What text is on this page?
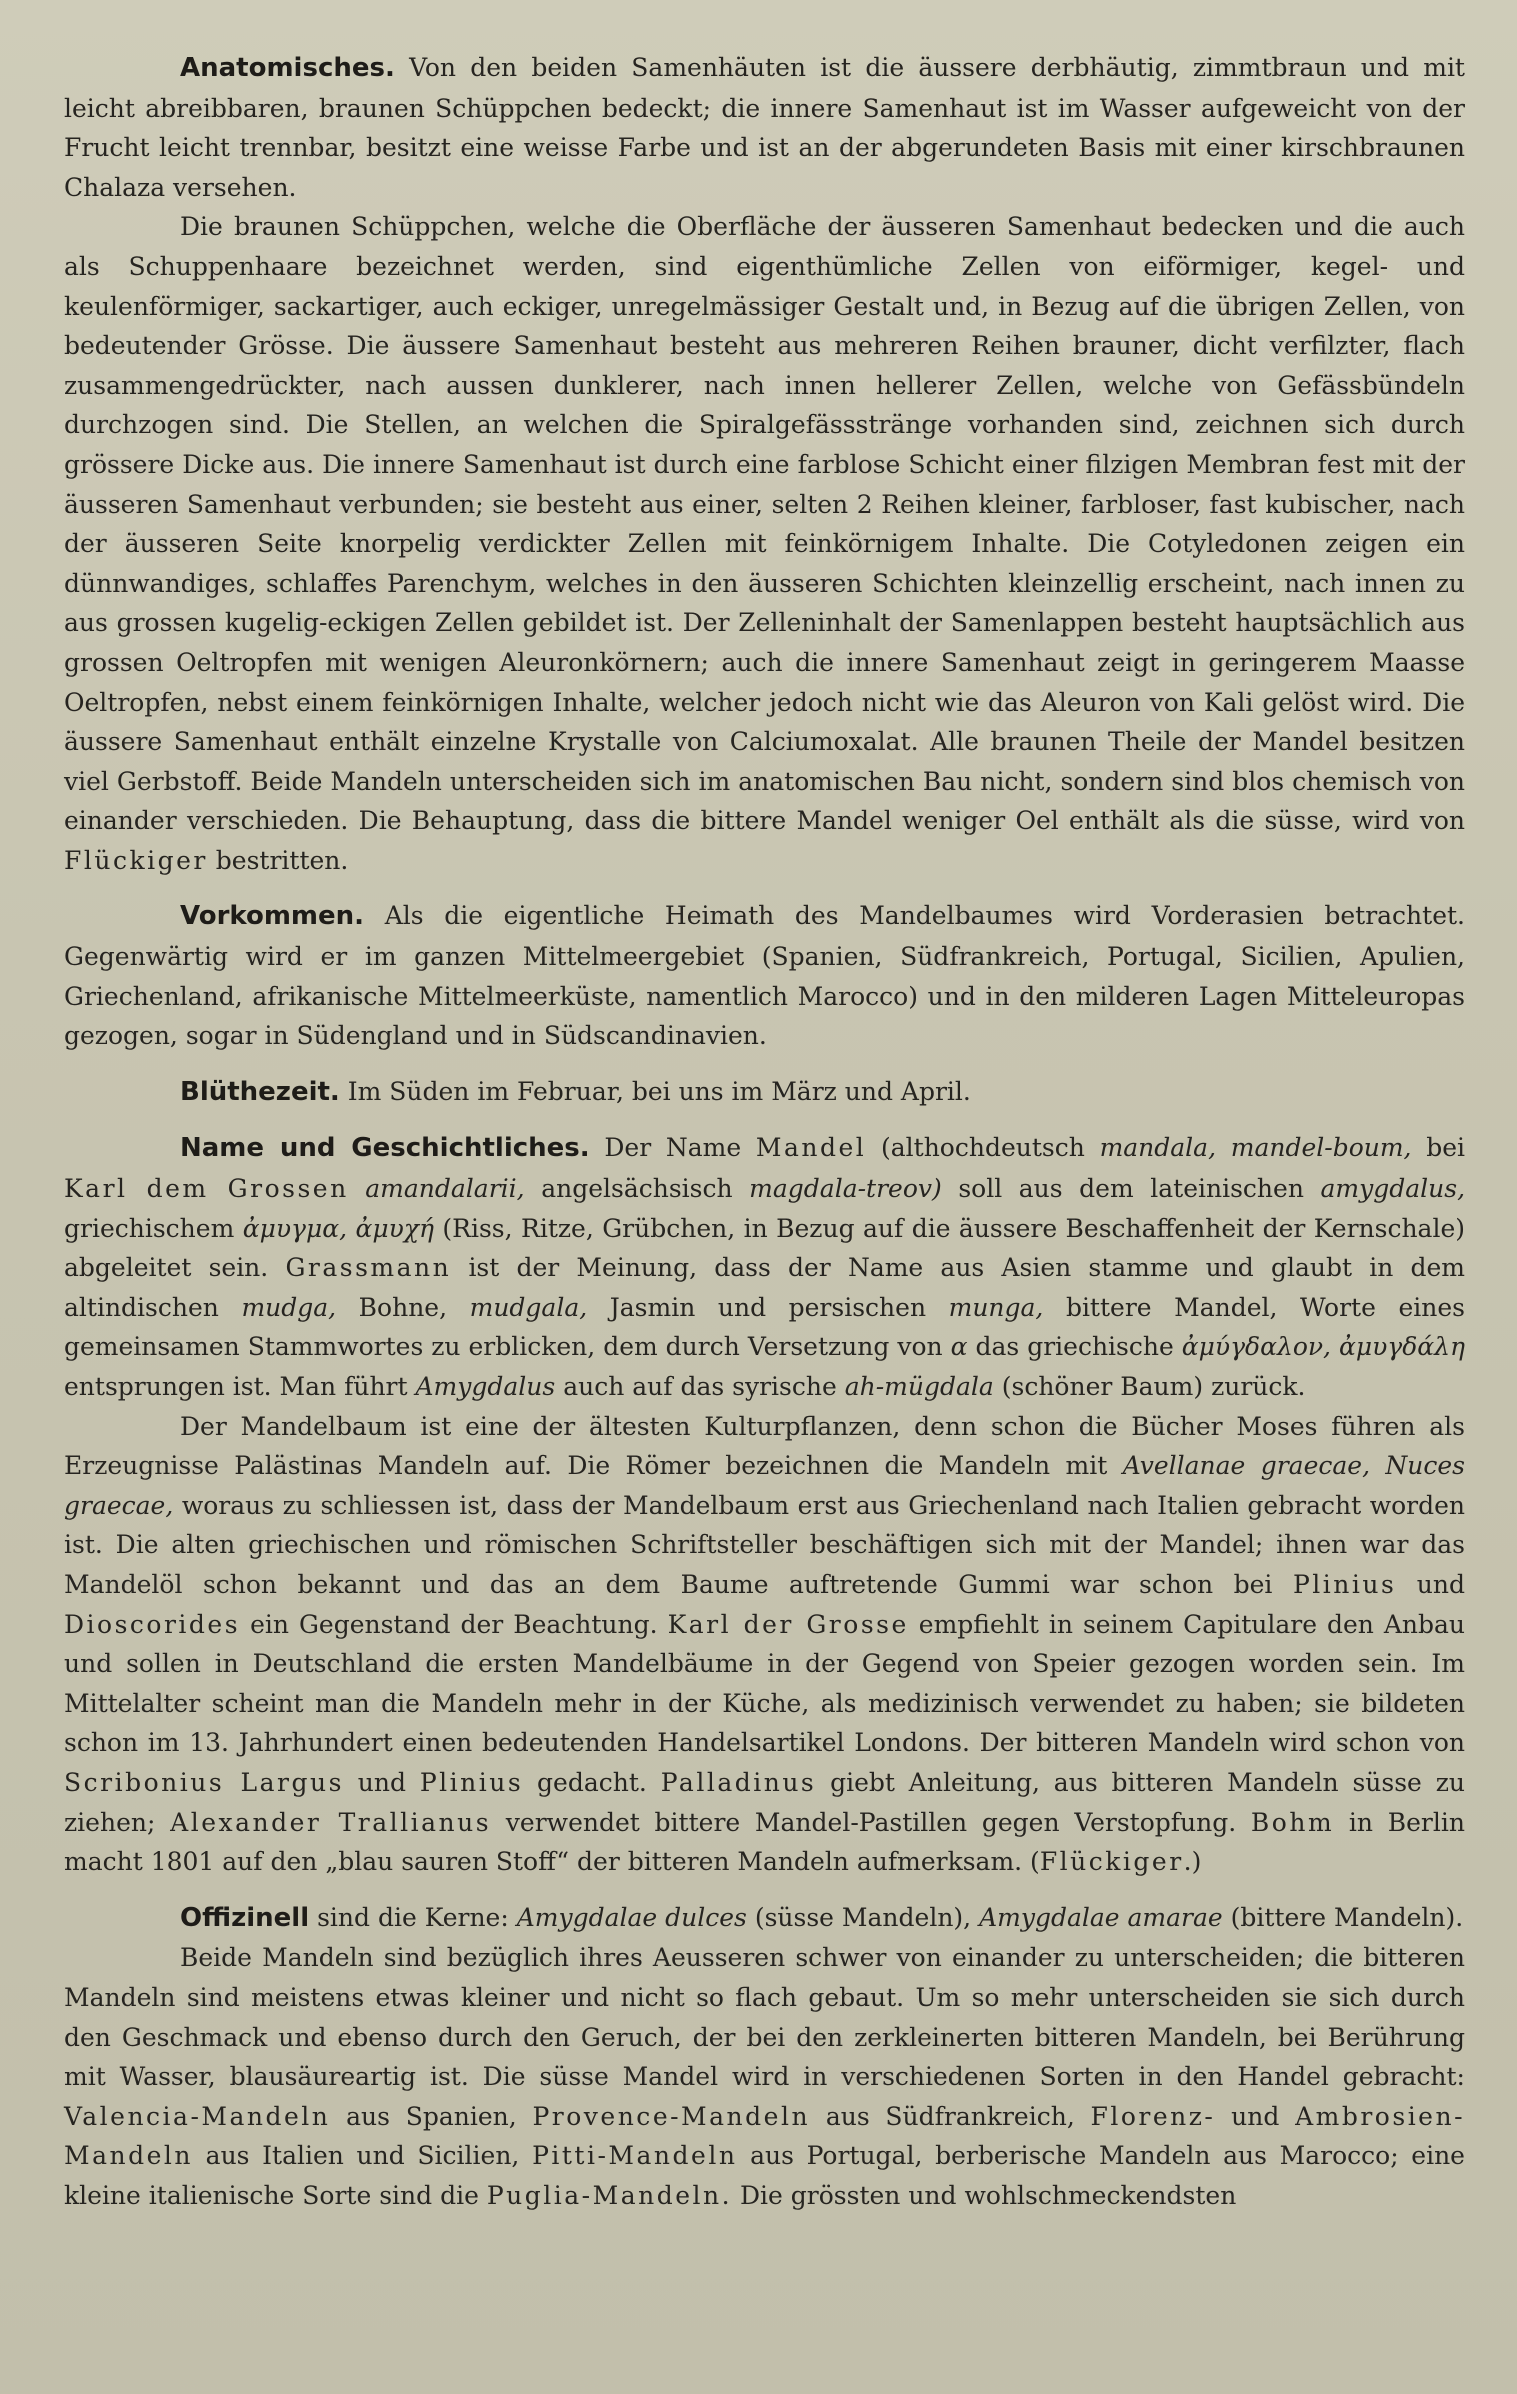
Anatomisches. Von den beiden Samenhäuten ist die äussere derbhäutig, zimmtbraun und mit leicht abreibbaren, braunen Schüppchen bedeckt; die innere Samenhaut ist im Wasser aufgeweicht von der Frucht leicht trennbar, besitzt eine weisse Farbe und ist an der abgerundeten Basis mit einer kirschbraunen Chalaza versehen.

Die braunen Schüppchen, welche die Oberfläche der äusseren Samenhaut bedecken und die auch als Schuppenhaare bezeichnet werden, sind eigenthümliche Zellen von eiförmiger, kegel- und keulenförmiger, sackartiger, auch eckiger, unregelmässiger Gestalt und, in Bezug auf die übrigen Zellen, von bedeutender Grösse. Die äussere Samenhaut besteht aus mehreren Reihen brauner, dicht verfilzter, flach zusammengedrückter, nach aussen dunklerer, nach innen hellerer Zellen, welche von Gefässbündeln durchzogen sind. Die Stellen, an welchen die Spiralgefässstränge vorhanden sind, zeichnen sich durch grössere Dicke aus. Die innere Samenhaut ist durch eine farblose Schicht einer filzigen Membran fest mit der äusseren Samenhaut verbunden; sie besteht aus einer, selten 2 Reihen kleiner, farbloser, fast kubischer, nach der äusseren Seite knorpelig verdickter Zellen mit feinkörnigem Inhalte. Die Cotyledonen zeigen ein dünnwandiges, schlaffes Parenchym, welches in den äusseren Schichten kleinzellig erscheint, nach innen zu aus grossen kugelig-eckigen Zellen gebildet ist. Der Zelleninhalt der Samenlappen besteht hauptsächlich aus grossen Oeltropfen mit wenigen Aleuronkörnern; auch die innere Samenhaut zeigt in geringerem Maasse Oeltropfen, nebst einem feinkörnigen Inhalte, welcher jedoch nicht wie das Aleuron von Kali gelöst wird. Die äussere Samenhaut enthält einzelne Krystalle von Calciumoxalat. Alle braunen Theile der Mandel besitzen viel Gerbstoff. Beide Mandeln unterscheiden sich im anatomischen Bau nicht, sondern sind blos chemisch von einander verschieden. Die Behauptung, dass die bittere Mandel weniger Oel enthält als die süsse, wird von Flückiger bestritten.

Vorkommen. Als die eigentliche Heimath des Mandelbaumes wird Vorderasien betrachtet. Gegenwärtig wird er im ganzen Mittelmeergebiet (Spanien, Südfrankreich, Portugal, Sicilien, Apulien, Griechenland, afrikanische Mittelmeerküste, namentlich Marocco) und in den milderen Lagen Mitteleuropas gezogen, sogar in Südengland und in Südscandinavien.

Blüthezeit. Im Süden im Februar, bei uns im März und April.

Name und Geschichtliches. Der Name Mandel (althochdeutsch mandala, mandel-boum, bei Karl dem Grossen amandalarii, angelsächsisch magdala-treov) soll aus dem lateinischen amygdalus, griechischem ἀμυγμα, ἀμυχή (Riss, Ritze, Grübchen, in Bezug auf die äussere Beschaffenheit der Kernschale) abgeleitet sein. Grassmann ist der Meinung, dass der Name aus Asien stamme und glaubt in dem altindischen mudga, Bohne, mudgala, Jasmin und persischen munga, bittere Mandel, Worte eines gemeinsamen Stammwortes zu erblicken, dem durch Versetzung von α das griechische ἀμύγδαλον, ἀμυγδάλη entsprungen ist. Man führt Amygdalus auch auf das syrische ah-mügdala (schöner Baum) zurück.

Der Mandelbaum ist eine der ältesten Kulturpflanzen, denn schon die Bücher Moses führen als Erzeugnisse Palästinas Mandeln auf. Die Römer bezeichnen die Mandeln mit Avellanae graecae, Nuces graecae, woraus zu schliessen ist, dass der Mandelbaum erst aus Griechenland nach Italien gebracht worden ist. Die alten griechischen und römischen Schriftsteller beschäftigen sich mit der Mandel; ihnen war das Mandelöl schon bekannt und das an dem Baume auftretende Gummi war schon bei Plinius und Dioscorides ein Gegenstand der Beachtung. Karl der Grosse empfiehlt in seinem Capitulare den Anbau und sollen in Deutschland die ersten Mandelbäume in der Gegend von Speier gezogen worden sein. Im Mittelalter scheint man die Mandeln mehr in der Küche, als medizinisch verwendet zu haben; sie bildeten schon im 13. Jahrhundert einen bedeutenden Handelsartikel Londons. Der bitteren Mandeln wird schon von Scribonius Largus und Plinius gedacht. Palladinus giebt Anleitung, aus bitteren Mandeln süsse zu ziehen; Alexander Trallianus verwendet bittere Mandel-Pastillen gegen Verstopfung. Bohm in Berlin macht 1801 auf den „blau sauren Stoff“ der bitteren Mandeln aufmerksam. (Flückiger.)

Offizinell sind die Kerne: Amygdalae dulces (süsse Mandeln), Amygdalae amarae (bittere Mandeln).

Beide Mandeln sind bezüglich ihres Aeusseren schwer von einander zu unterscheiden; die bitteren Mandeln sind meistens etwas kleiner und nicht so flach gebaut. Um so mehr unterscheiden sie sich durch den Geschmack und ebenso durch den Geruch, der bei den zerkleinerten bitteren Mandeln, bei Berührung mit Wasser, blausäureartig ist. Die süsse Mandel wird in verschiedenen Sorten in den Handel gebracht: Valencia-Mandeln aus Spanien, Provence-Mandeln aus Südfrankreich, Florenz- und Ambrosien-Mandeln aus Italien und Sicilien, Pitti-Mandeln aus Portugal, berberische Mandeln aus Marocco; eine kleine italienische Sorte sind die Puglia-Mandeln. Die grössten und wohlschmeckendsten
